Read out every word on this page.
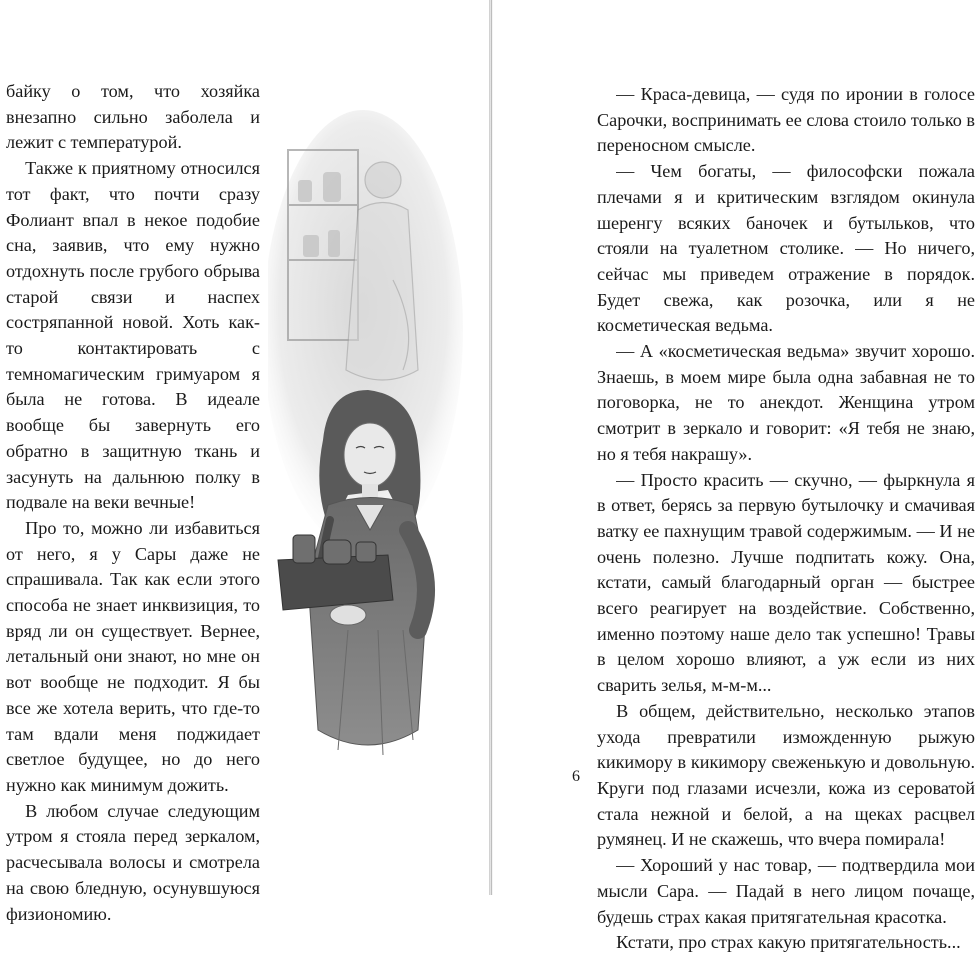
байку о том, что хозяйка внезапно сильно заболела и лежит с температурой.

Также к приятному относился тот факт, что почти сразу Фолиант впал в некое подобие сна, заявив, что ему нужно отдохнуть после грубого обрыва старой связи и наспех состряпанной новой. Хоть как-то контактировать с темномагическим гримуаром я была не готова. В идеале вообще бы завернуть его обратно в защитную ткань и засунуть на дальнюю полку в подвале на веки вечные!

Про то, можно ли избавиться от него, я у Сары даже не спрашивала. Так как если этого способа не знает инквизиция, то вряд ли он существует. Вернее, летальный они знают, но мне он вот вообще не подходит. Я бы все же хотела верить, что где-то там вдали меня поджидает светлое будущее, но до него нужно как минимум дожить.

В любом случае следующим утром я стояла перед зеркалом, расчесывала волосы и смотрела на свою бледную, осунувшуюся физиономию.

— Краса-девица, — судя по иронии в голосе Сарочки, воспринимать ее слова стоило только в переносном смысле.

— Чем богаты, — философски пожала плечами я и критическим взглядом окинула шеренгу всяких баночек и бутыльков, что стояли на туалетном столике. — Но ничего, сейчас мы приведем отражение в порядок. Будет свежа, как розочка, или я не косметическая ведьма.

— А «косметическая ведьма» звучит хорошо. Знаешь, в моем мире была одна забавная не то поговорка, не то анекдот. Женщина утром смотрит в зеркало и говорит: «Я тебя не знаю, но я тебя накрашу».

— Просто красить — скучно, — фыркнула я в ответ, берясь за первую бутылочку и смачивая ватку ее пахнущим травой содержимым. — И не очень полезно. Лучше подпитать кожу. Она, кстати, самый благодарный орган — быстрее всего реагирует на воздействие. Собственно, именно поэтому наше дело так успешно! Травы в целом хорошо влияют, а уж если из них сварить зелья, м-м-м...

В общем, действительно, несколько этапов ухода превратили изможденную рыжую кикимору в кикимору свеженькую и довольную. Круги под глазами исчезли, кожа из сероватой стала нежной и белой, а на щеках расцвел румянец. И не скажешь, что вчера помирала!

— Хороший у нас товар, — подтвердила мои мысли Сара. — Падай в него лицом почаще, будешь страх какая притягательная красотка.

Кстати, про страх какую притягательность...

6
